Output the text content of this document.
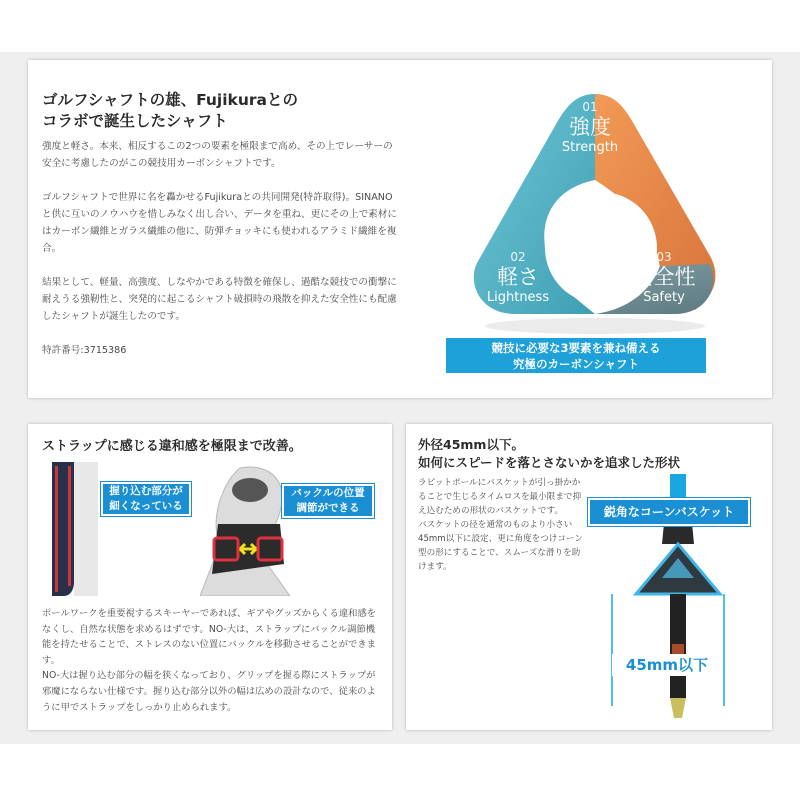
ゴルフシャフトの雄、Fujikuraとの
コラボで誕生したシャフト

強度と軽さ。本来、相反するこの2つの要素を極限まで高め、その上でレーサーの安全に考慮したのがこの競技用カーボンシャフトです。

ゴルフシャフトで世界に名を轟かせるFujikuraとの共同開発(特許取得)。SINANOと供に互いのノウハウを惜しみなく出し合い、データを重ね、更にその上で素材にはカーボン繊維とガラス繊維の他に、防弾チョッキにも使われるアラミド繊維を複合。

結果として、軽量、高強度、しなやかである特徴を確保し、過酷な競技での衝撃に耐えうる強靭性と、突発的に起こるシャフト破損時の飛散を抑えた安全性にも配慮したシャフトが誕生したのです。

特許番号:3715386

01
強度
Strength
02
軽さ
Lightness
03
安全性
Safety
競技に必要な3要素を兼ね備える
究極のカーボンシャフト
ストラップに感じる違和感を極限まで改善。

ポールワークを重要視するスキーヤーであれば、ギアやグッズからくる違和感をなくし、自然な状態を求めるはずです。NO-大は、ストラップにバックル調節機能を持たせることで、ストレスのない位置にバックルを移動させることができます。

NO-大は握り込む部分の幅を狭くなっており、グリップを握る際にストラップが邪魔にならない仕様です。握り込む部分以外の幅は広めの設計なので、従来のように甲でストラップをしっかり止められます。

握り込む部分が
細くなっている
バックルの位置
調節ができる
外径45mm以下。
如何にスピードを落とさないかを追求した形状

ラピットポールにバスケットが引っ掛かかることで生じるタイムロスを最小限まで抑え込むための形状のバスケットです。

バスケットの径を通常のものより小さい45mm以下に設定、更に角度をつけコーン型の形にすることで、スムーズな滑りを助けます。

鋭角なコーンバスケット
45mm以下
